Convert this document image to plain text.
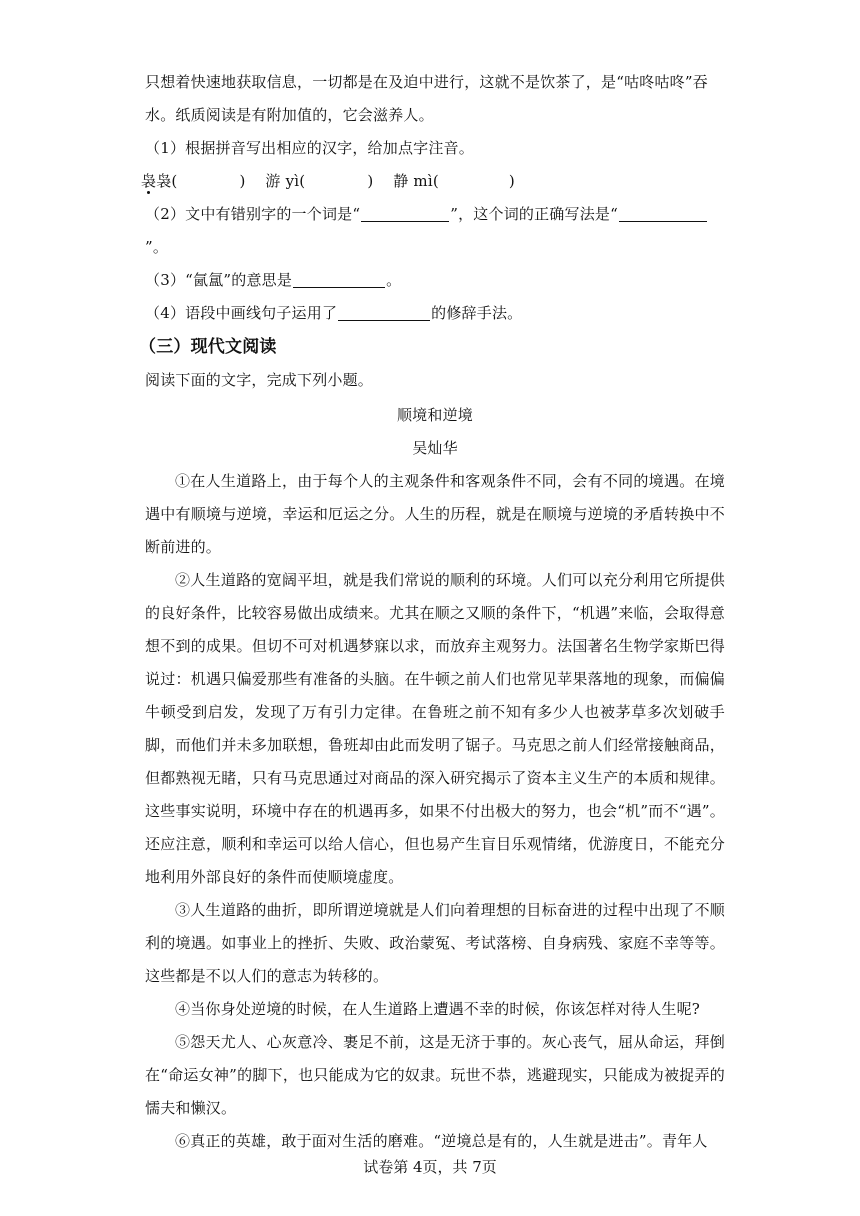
只想着快速地获取信息，一切都是在及迫中进行，这就不是饮茶了，是“咕咚咕咚”吞

水。纸质阅读是有附加值的，它会滋养人。

（1）根据拼音写出相应的汉字，给加点字注音。

袅袅(	) 游 yì(	) 静 mì(	)

（2）文中有错别字的一个词是“	”，这个词的正确写法是“”。

（3）“氤氲”的意思是	。

（4）语段中画线句子运用了	的修辞手法。

（三）现代文阅读

阅读下面的文字，完成下列小题。

顺境和逆境

吴灿华

①在人生道路上，由于每个人的主观条件和客观条件不同，会有不同的境遇。在境遇中有顺境与逆境，幸运和厄运之分。人生的历程，就是在顺境与逆境的矛盾转换中不断前进的。

②人生道路的宽阔平坦，就是我们常说的顺利的环境。人们可以充分利用它所提供的良好条件，比较容易做出成绩来。尤其在顺之又顺的条件下，“机遇”来临，会取得意想不到的成果。但切不可对机遇梦寐以求，而放弃主观努力。法国著名生物学家斯巴得说过：机遇只偏爱那些有准备的头脑。在牛顿之前人们也常见苹果落地的现象，而偏偏牛顿受到启发，发现了万有引力定律。在鲁班之前不知有多少人也被茅草多次划破手脚，而他们并未多加联想，鲁班却由此而发明了锯子。马克思之前人们经常接触商品，但都熟视无睹，只有马克思通过对商品的深入研究揭示了资本主义生产的本质和规律。这些事实说明，环境中存在的机遇再多，如果不付出极大的努力，也会“机”而不“遇”。还应注意，顺利和幸运可以给人信心，但也易产生盲目乐观情绪，优游度日，不能充分地利用外部良好的条件而使顺境虚度。

③人生道路的曲折，即所谓逆境就是人们向着理想的目标奋进的过程中出现了不顺利的境遇。如事业上的挫折、失败、政治蒙冤、考试落榜、自身病残、家庭不幸等等。这些都是不以人们的意志为转移的。

④当你身处逆境的时候，在人生道路上遭遇不幸的时候，你该怎样对待人生呢?

⑤怨天尤人、心灰意冷、裹足不前，这是无济于事的。灰心丧气，屈从命运，拜倒在“命运女神”的脚下，也只能成为它的奴隶。玩世不恭，逃避现实，只能成为被捉弄的懦夫和懒汉。

⑥真正的英雄，敢于面对生活的磨难。“逆境总是有的，人生就是进击”。青年人

试卷第 4页，共 7页
